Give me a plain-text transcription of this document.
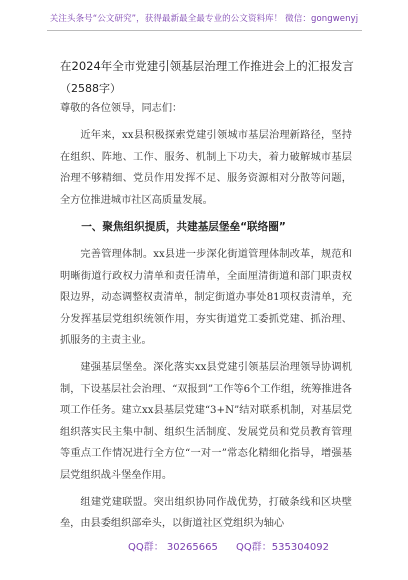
关注头条号“公文研究”，获得最新最全最专业的公文资料库！ 微信：gongwenyj
在2024年全市党建引领基层治理工作推进会上的汇报发言
（2588字）

尊敬的各位领导，同志们：

近年来，xx县积极探索党建引领城市基层治理新路径，坚持在组织、阵地、工作、服务、机制上下功夫，着力破解城市基层治理不够精细、党员作用发挥不足、服务资源相对分散等问题，全方位推进城市社区高质量发展。

一、聚焦组织提质，共建基层堡垒“联络圈”

完善管理体制。xx县进一步深化街道管理体制改革，规范和明晰街道行政权力清单和责任清单，全面厘清街道和部门职责权限边界，动态调整权责清单，制定街道办事处81项权责清单，充分发挥基层党组织统领作用，夯实街道党工委抓党建、抓治理、抓服务的主责主业。

建强基层堡垒。深化落实xx县党建引领基层治理领导协调机制，下设基层社会治理、“双报到”工作等6个工作组，统筹推进各项工作任务。建立xx县基层党建“3+N”结对联系机制，对基层党组织落实民主集中制、组织生活制度、发展党员和党员教育管理等重点工作情况进行全方位“一对一”常态化精细化指导，增强基层党组织战斗堡垒作用。

组建党建联盟。突出组织协同作战优势，打破条线和区块壁垒，由县委组织部牵头，以街道社区党组织为轴心

QQ群： 30265665 QQ群：535304092
